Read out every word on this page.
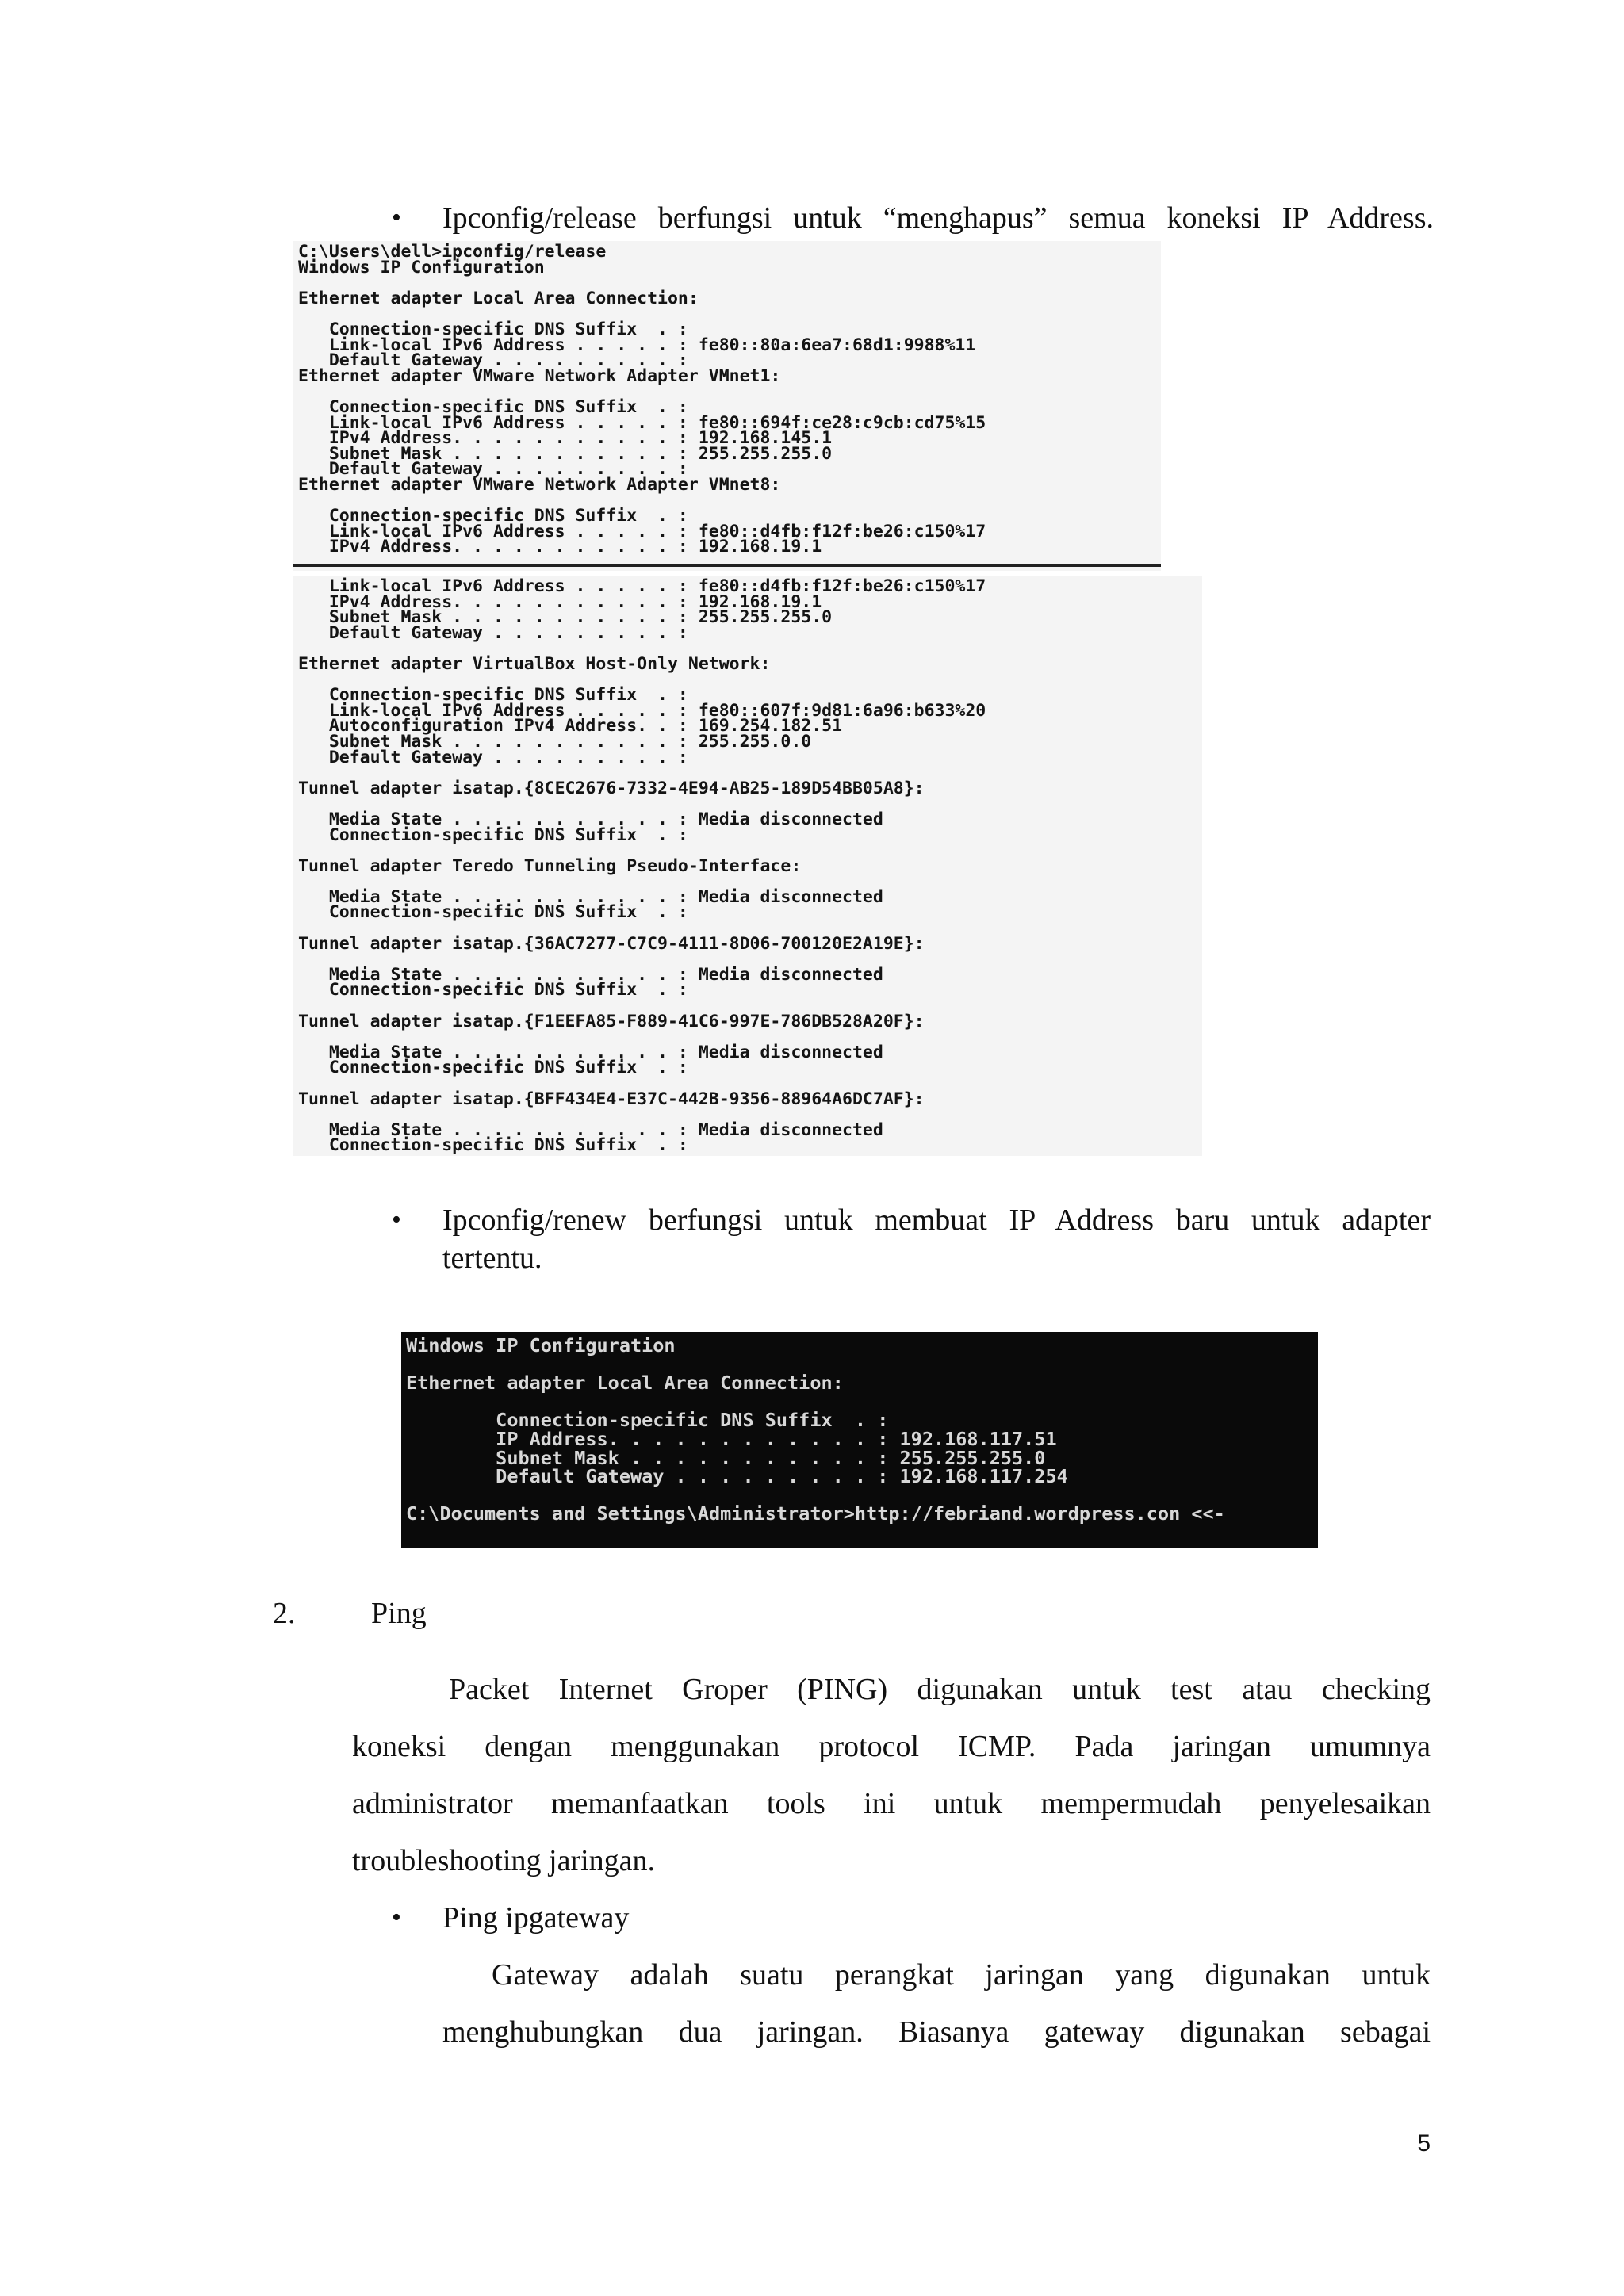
• Ipconfig/release berfungsi untuk “menghapus” semua koneksi IP Address.
C:\Users\dell>ipconfig/release
Windows IP Configuration
Ethernet adapter Local Area Connection:
Connection-specific DNS Suffix  . :
Link-local IPv6 Address . . . . . : fe80::80a:6ea7:68d1:9988%11
Default Gateway . . . . . . . . . :
Ethernet adapter VMware Network Adapter VMnet1:
Connection-specific DNS Suffix  . :
Link-local IPv6 Address . . . . . : fe80::694f:ce28:c9cb:cd75%15
IPv4 Address. . . . . . . . . . . : 192.168.145.1
Subnet Mask . . . . . . . . . . . : 255.255.255.0
Default Gateway . . . . . . . . . :
Ethernet adapter VMware Network Adapter VMnet8:
Connection-specific DNS Suffix  . :
Link-local IPv6 Address . . . . . : fe80::d4fb:f12f:be26:c150%17
IPv4 Address. . . . . . . . . . . : 192.168.19.1
Link-local IPv6 Address . . . . . : fe80::d4fb:f12f:be26:c150%17
IPv4 Address. . . . . . . . . . . : 192.168.19.1
Subnet Mask . . . . . . . . . . . : 255.255.255.0
Default Gateway . . . . . . . . . :
Ethernet adapter VirtualBox Host-Only Network:
Connection-specific DNS Suffix  . :
Link-local IPv6 Address . . . . . : fe80::607f:9d81:6a96:b633%20
Autoconfiguration IPv4 Address. . : 169.254.182.51
Subnet Mask . . . . . . . . . . . : 255.255.0.0
Default Gateway . . . . . . . . . :
Tunnel adapter isatap.{8CEC2676-7332-4E94-AB25-189D54BB05A8}:
Media State . . . . . . . . . . . : Media disconnected
Connection-specific DNS Suffix  . :
Tunnel adapter Teredo Tunneling Pseudo-Interface:
Media State . . . . . . . . . . . : Media disconnected
Connection-specific DNS Suffix  . :
Tunnel adapter isatap.{36AC7277-C7C9-4111-8D06-700120E2A19E}:
Media State . . . . . . . . . . . : Media disconnected
Connection-specific DNS Suffix  . :
Tunnel adapter isatap.{F1EEFA85-F889-41C6-997E-786DB528A20F}:
Media State . . . . . . . . . . . : Media disconnected
Connection-specific DNS Suffix  . :
Tunnel adapter isatap.{BFF434E4-E37C-442B-9356-88964A6DC7AF}:
Media State . . . . . . . . . . . : Media disconnected
Connection-specific DNS Suffix  . :
• Ipconfig/renew berfungsi untuk membuat IP Address baru untuk adapter
tertentu.
Windows IP Configuration
Ethernet adapter Local Area Connection:
Connection-specific DNS Suffix  . :
IP Address. . . . . . . . . . . . : 192.168.117.51
Subnet Mask . . . . . . . . . . . : 255.255.255.0
Default Gateway . . . . . . . . . : 192.168.117.254
C:\Documents and Settings\Administrator>http://febriand.wordpress.con <<-
2.	Ping
Packet Internet Groper (PING) digunakan untuk test atau checking
koneksi dengan menggunakan protocol ICMP. Pada jaringan umumnya
administrator memanfaatkan tools ini untuk mempermudah penyelesaikan
troubleshooting jaringan.
• Ping ipgateway
Gateway adalah suatu perangkat jaringan yang digunakan untuk
menghubungkan dua jaringan. Biasanya gateway digunakan sebagai
5
